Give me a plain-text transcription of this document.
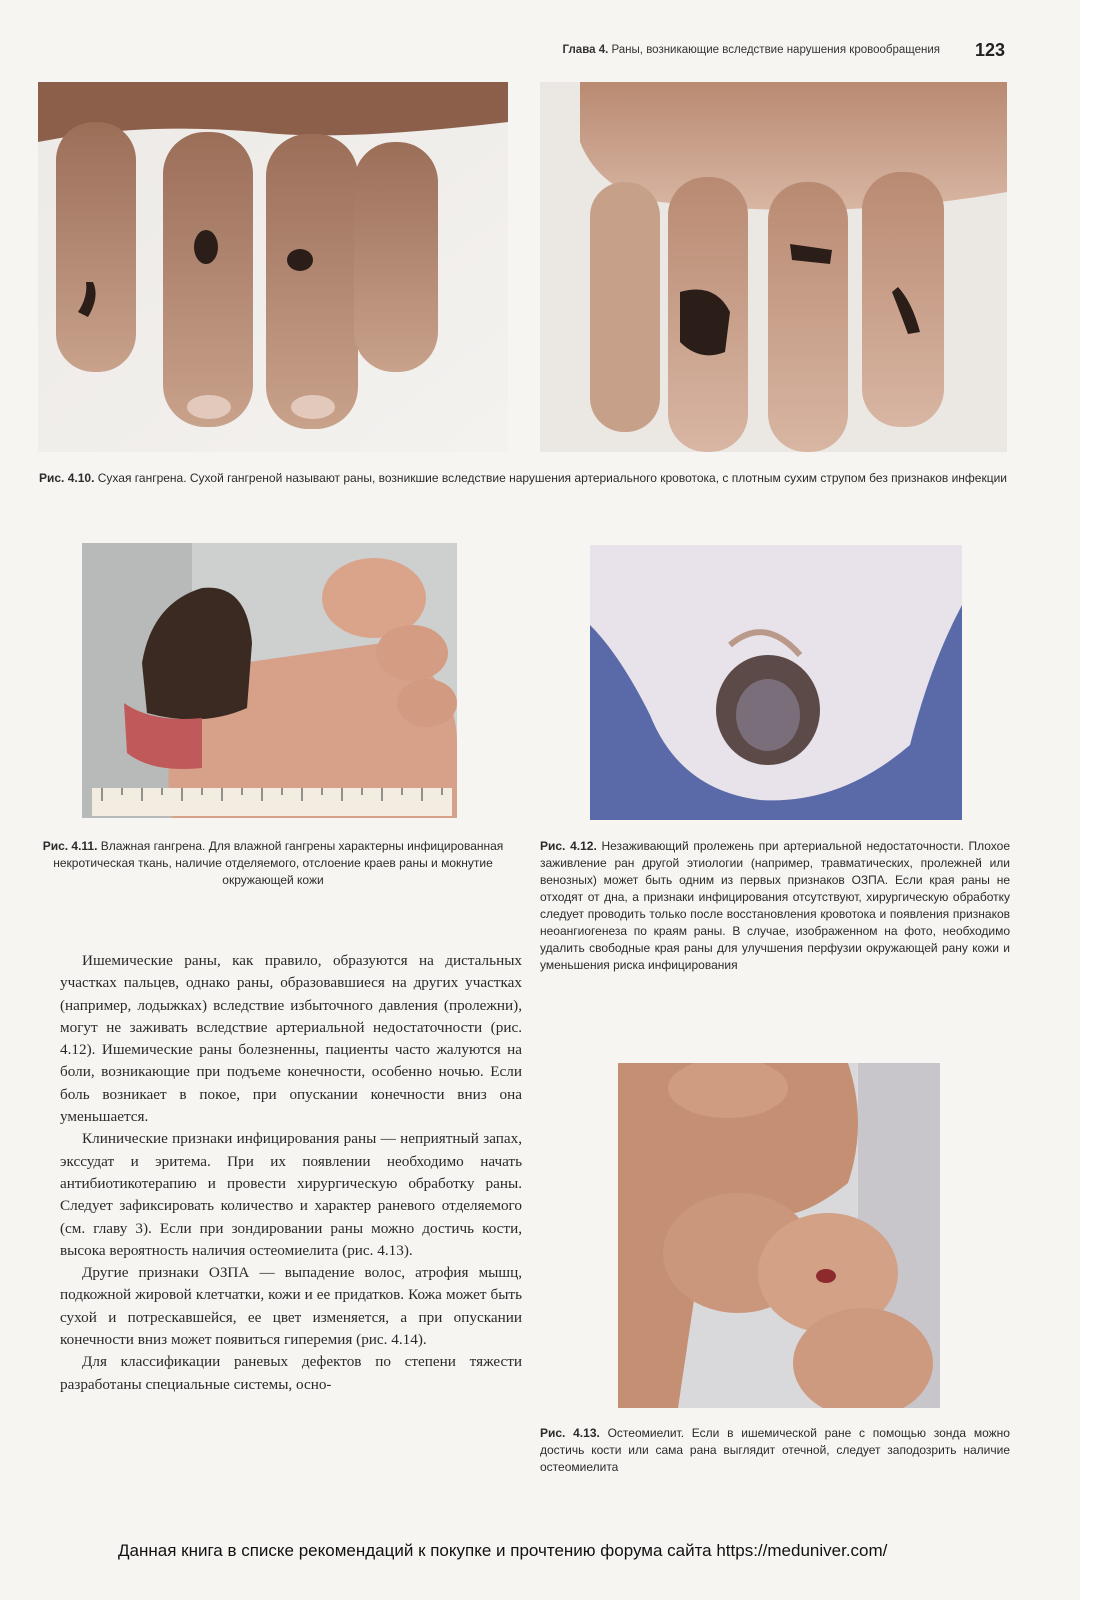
Глава 4. Раны, возникающие вследствие нарушения кровообращения 123
Рис. 4.10. Сухая гангрена. Сухой гангреной называют раны, возникшие вследствие нарушения артериального кровотока, с плотным сухим струпом без признаков инфекции
Рис. 4.11. Влажная гангрена. Для влажной гангрены характерны инфицированная некротическая ткань, наличие отделяемого, отслоение краев раны и мокнутие окружающей кожи
Рис. 4.12. Незаживающий пролежень при артериальной недостаточности. Плохое заживление ран другой этиологии (например, травматических, пролежней или венозных) может быть одним из первых признаков ОЗПА. Если края раны не отходят от дна, а признаки инфицирования отсутствуют, хирургическую обработку следует проводить только после восстановления кровотока и появления признаков неоангиогенеза по краям раны. В случае, изображенном на фото, необходимо удалить свободные края раны для улучшения перфузии окружающей рану кожи и уменьшения риска инфицирования
Рис. 4.13. Остеомиелит. Если в ишемической ране с помощью зонда можно достичь кости или сама рана выглядит отечной, следует заподозрить наличие остеомиелита

Ишемические раны, как правило, образуются на дистальных участках пальцев, однако раны, образовавшиеся на других участках (например, лодыжках) вследствие избыточного давления (пролежни), могут не заживать вследствие артериальной недостаточности (рис. 4.12). Ишемические раны болезненны, пациенты часто жалуются на боли, возникающие при подъеме конечности, особенно ночью. Если боль возникает в покое, при опускании конечности вниз она уменьшается.

Клинические признаки инфицирования раны — неприятный запах, экссудат и эритема. При их появлении необходимо начать антибиотикотерапию и провести хирургическую обработку раны. Следует зафиксировать количество и характер раневого отделяемого (см. главу 3). Если при зондировании раны можно достичь кости, высока вероятность наличия остеомиелита (рис. 4.13).

Другие признаки ОЗПА — выпадение волос, атрофия мышц, подкожной жировой клетчатки, кожи и ее придатков. Кожа может быть сухой и потрескавшейся, ее цвет изменяется, а при опускании конечности вниз может появиться гиперемия (рис. 4.14).

Для классификации раневых дефектов по степени тяжести разработаны специальные системы, осно-

Данная книга в списке рекомендаций к покупке и прочтению форума сайта https://meduniver.com/
